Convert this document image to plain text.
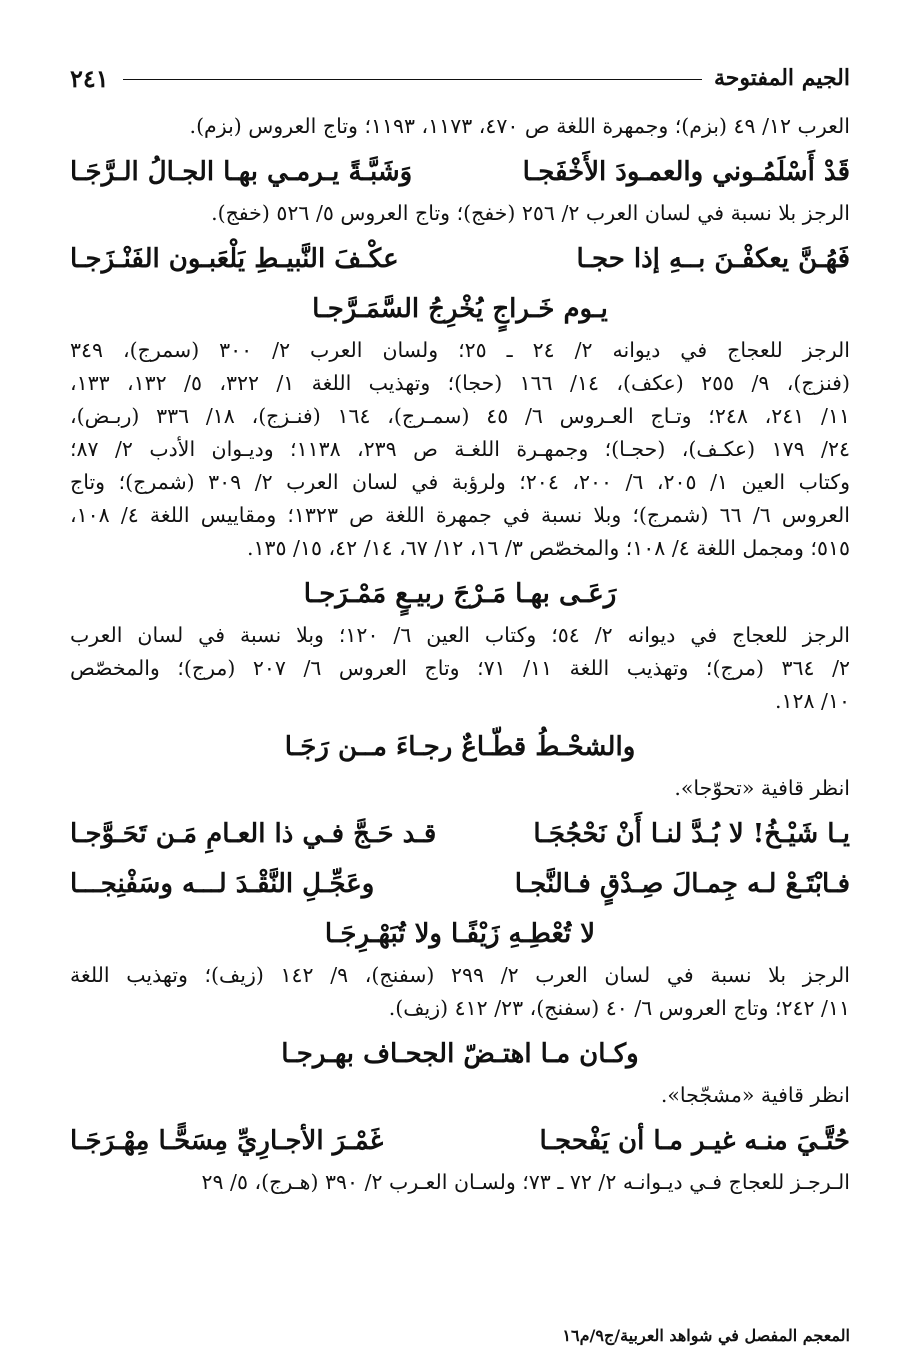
الجيم المفتوحة
٢٤١
العرب ١٢/ ٤٩ (بزم)؛ وجمهرة اللغة ص ٤٧٠، ١١٧٣، ١١٩٣؛ وتاج العروس (بزم).
قَدْ أَسْلَمُـوني والعمـودَ الأَخْفَجـا
وَشَبَّـةً يـرمـي بهـا الجـالُ الـرَّجَـا
الرجز بلا نسبة في لسان العرب ٢/ ٢٥٦ (خفج)؛ وتاج العروس ٥/ ٥٢٦ (خفج).
فَهُـنَّ يعكفْـنَ بــهِ إذا حجـا
عكْـفَ النَّبيـطِ يَلْعَبـون الفَنْـزَجـا
يـوم خَـراجٍ يُخْرِجُ السَّمَـرَّجـا
الرجز للعجاج في ديوانه ٢/ ٢٤ ـ ٢٥؛ ولسان العرب ٢/ ٣٠٠ (سمرج)، ٣٤٩
(فنزج)، ٩/ ٢٥٥ (عكف)، ١٤/ ١٦٦ (حجا)؛ وتهذيب اللغة ١/ ٣٢٢، ٥/ ١٣٢، ١٣٣،
١١/ ٢٤١، ٢٤٨؛ وتـاج العـروس ٦/ ٤٥ (سمـرج)، ١٦٤ (فنـزج)، ١٨/ ٣٣٦ (ربـض)،
٢٤/ ١٧٩ (عكـف)، (حجـا)؛ وجمهـرة اللغـة ص ٢٣٩، ١١٣٨؛ وديـوان الأدب ٢/ ٨٧؛
وكتاب العين ١/ ٢٠٥، ٦/ ٢٠٠، ٢٠٤؛ ولرؤبة في لسان العرب ٢/ ٣٠٩ (شمرج)؛ وتاج
العروس ٦/ ٦٦ (شمرج)؛ وبلا نسبة في جمهرة اللغة ص ١٣٢٣؛ ومقاييس اللغة ٤/ ١٠٨،
٥١٥؛ ومجمل اللغة ٤/ ١٠٨؛ والمخصّص ٣/ ١٦، ١٢/ ٦٧، ١٤/ ٤٢، ١٥/ ١٣٥.
رَعَـى بهـا مَـرْجَ ربيـعٍ مَمْـرَجـا
الرجز للعجاج في ديوانه ٢/ ٥٤؛ وكتاب العين ٦/ ١٢٠؛ وبلا نسبة في لسان العرب
٢/ ٣٦٤ (مرج)؛ وتهذيب اللغة ١١/ ٧١؛ وتاج العروس ٦/ ٢٠٧ (مرج)؛ والمخصّص
١٠/ ١٢٨.
والشحْـطُ قطّـاعٌ رجـاءَ مــن رَجَـا
انظر قافية «تحوّجا».
يـا شَيْـخُ! لا بُـدَّ لنـا أَنْ نَحْجُجَـا
قـد حَـجَّ فـي ذا العـامِ مَـن تَحَـوَّجـا
فـابْتَـعْ لـه جِمـالَ صِـدْقٍ فـالنَّجـا
وعَجِّـلِ النَّقْـدَ لـــه وسَفْنِجـــا
لا تُعْطِـهِ زَيْفًـا ولا تُبَهْـرِجَـا
الرجز بلا نسبة في لسان العرب ٢/ ٢٩٩ (سفنج)، ٩/ ١٤٢ (زيف)؛ وتهذيب اللغة
١١/ ٢٤٢؛ وتاج العروس ٦/ ٤٠ (سفنج)، ٢٣/ ٤١٢ (زيف).
وكـان مـا اهتـضّ الجحـاف بهـرجـا
انظر قافية «مشجّجا».
حُتَّـيَ منـه غيـر مـا أن يَفْحجـا
غَمْـرَ الأجـارِيِّ مِسَحًّـا مِهْـرَجَـا
الـرجـز للعجاج فـي ديـوانـه ٢/ ٧٢ ـ ٧٣؛ ولسـان العـرب ٢/ ٣٩٠ (هـرج)، ٥/ ٢٩
المعجم المفصل في شواهد العربية/ج٩/م١٦
